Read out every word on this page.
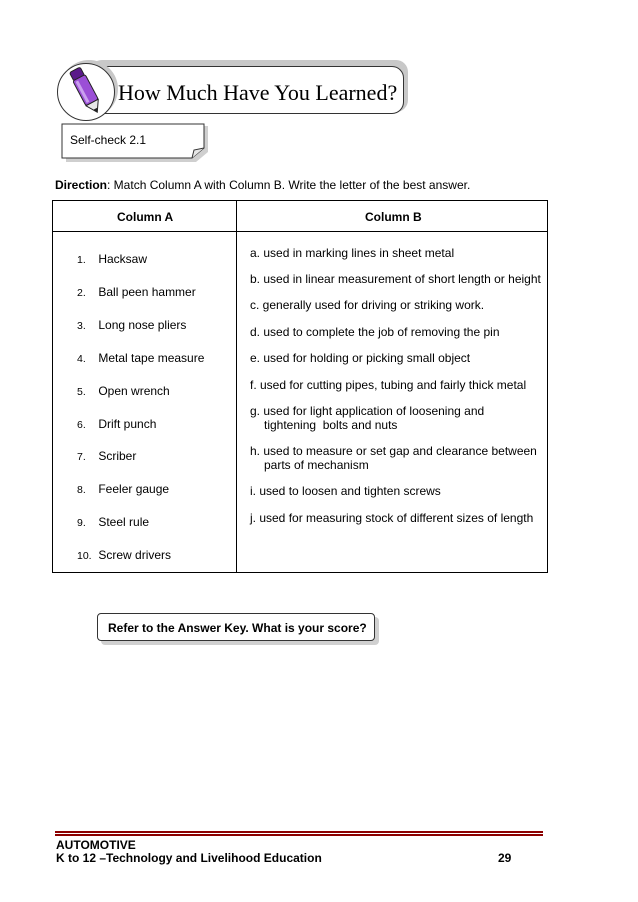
How Much Have You Learned?
Self-check 2.1
Direction: Match Column A with Column B. Write the letter of the best answer.
Column A	Column B
1. Hacksaw
2. Ball peen hammer
3. Long nose pliers
4. Metal tape measure
5. Open wrench
6. Drift punch
7. Scriber
8. Feeler gauge
9. Steel rule
10. Screw drivers
a. used in marking lines in sheet metal
b. used in linear measurement of short length or height
c. generally used for driving or striking work.
d. used to complete the job of removing the pin
e. used for holding or picking small object
f. used for cutting pipes, tubing and fairly thick metal
g. used for light application of loosening and tightening  bolts and nuts
h. used to measure or set gap and clearance between  parts of mechanism
i. used to loosen and tighten screws
j. used for measuring stock of different sizes of length
Refer to the Answer Key. What is your score?
AUTOMOTIVE
K to 12 –Technology and Livelihood Education	29
